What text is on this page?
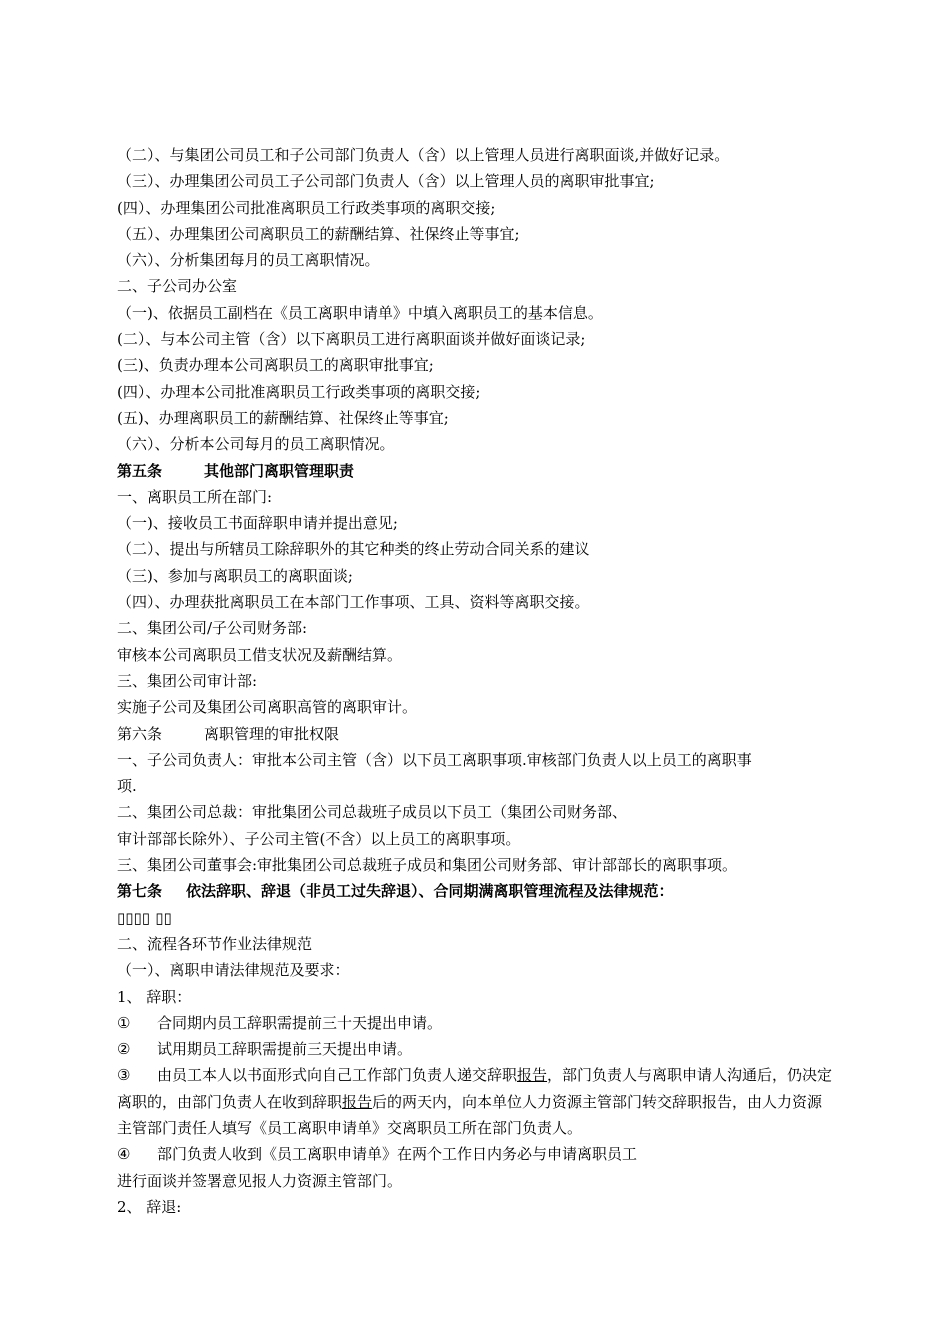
（二）、与集团公司员工和子公司部门负责人（含）以上管理人员进行离职面谈,并做好记录。
（三）、办理集团公司员工子公司部门负责人（含）以上管理人员的离职审批事宜;
(四）、办理集团公司批准离职员工行政类事项的离职交接;
（五）、办理集团公司离职员工的薪酬结算、社保终止等事宜;
（六）、分析集团每月的员工离职情况。
二、子公司办公室
（一)、依据员工副档在《员工离职申请单》中填入离职员工的基本信息。
(二）、与本公司主管（含）以下离职员工进行离职面谈并做好面谈记录;
(三)、负责办理本公司离职员工的离职审批事宜;
(四）、办理本公司批准离职员工行政类事项的离职交接;
(五)、办理离职员工的薪酬结算、社保终止等事宜;
（六）、分析本公司每月的员工离职情况。
第五条	其他部门离职管理职责
一、离职员工所在部门:
（一)、接收员工书面辞职申请并提出意见;
（二）、提出与所辖员工除辞职外的其它种类的终止劳动合同关系的建议
（三)、参加与离职员工的离职面谈;
（四）、办理获批离职员工在本部门工作事项、工具、资料等离职交接。
二、集团公司/子公司财务部:
审核本公司离职员工借支状况及薪酬结算。
三、集团公司审计部:
实施子公司及集团公司离职高管的离职审计。
第六条	离职管理的审批权限
一、子公司负责人：审批本公司主管（含）以下员工离职事项.审核部门负责人以上员工的离职事
项.
二、集团公司总裁：审批集团公司总裁班子成员以下员工（集团公司财务部、
审计部部长除外）、子公司主管(不含）以上员工的离职事项。
三、集团公司董事会:审批集团公司总裁班子成员和集团公司财务部、审计部部长的离职事项。
第七条 依法辞职、辞退（非员工过失辞退）、合同期满离职管理流程及法律规范：
▯▯▯▯ ▯▯
二、流程各环节作业法律规范
（一）、离职申请法律规范及要求：
1、 辞职：
① 合同期内员工辞职需提前三十天提出申请。
② 试用期员工辞职需提前三天提出申请。
③ 由员工本人以书面形式向自己工作部门负责人递交辞职报告，部门负责人与离职申请人沟通后，仍决定离职的，由部门负责人在收到辞职报告后的两天内，向本单位人力资源主管部门转交辞职报告，由人力资源主管部门责任人填写《员工离职申请单》交离职员工所在部门负责人。
④ 部门负责人收到《员工离职申请单》在两个工作日内务必与申请离职员工
进行面谈并签署意见报人力资源主管部门。
2、 辞退:
